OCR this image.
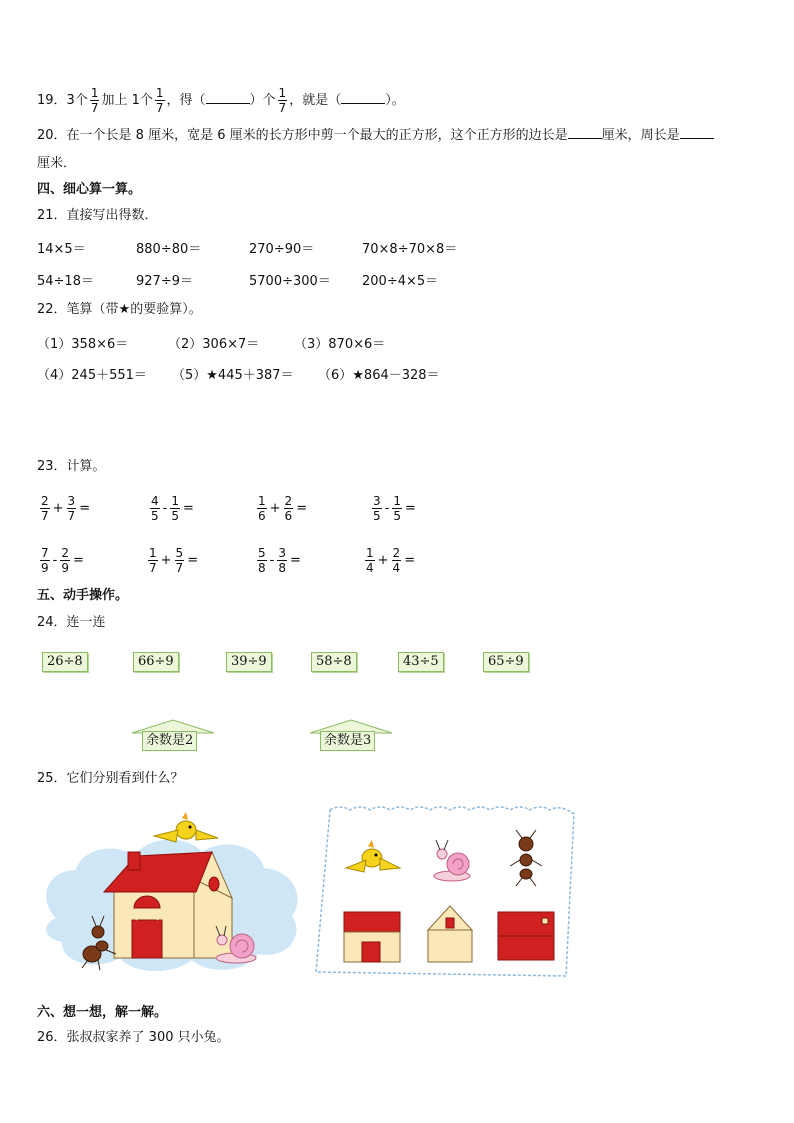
19．3个 $\frac{1}{7}$ 加上 1个 $\frac{1}{7}$ ，得（	）个 $\frac{1}{7}$ ，就是（	）。
20．在一个长是 8 厘米，宽是 6 厘米的长方形中剪一个最大的正方形，这个正方形的边长是	厘米，周长是
厘米．
四、细心算一算。
21．直接写出得数．
14×5＝	880÷80＝	270÷90＝	70×8÷70×8＝
54÷18＝	927÷9＝	5700÷300＝ 200÷4×5＝
22．笔算（带★的要验算）。
（1）358×6＝	（2）306×7＝	（3）870×6＝
（4）245＋551＝ （5）★445＋387＝ （6）★864－328＝
23．计算。
$\frac{2}{7} + \frac{3}{7}$ =	$\frac{4}{5} - \frac{1}{5}$ =	$\frac{1}{6} + \frac{2}{6}$ =	$\frac{3}{5} - \frac{1}{5}$ =
$\frac{7}{9} - \frac{2}{9}$ =	$\frac{1}{7} + \frac{5}{7}$ =	$\frac{5}{8} - \frac{3}{8}$ =	$\frac{1}{4} + \frac{2}{4}$ =
五、动手操作。
24．连一连
26÷8	66÷9	39÷9	58÷8	43÷5	65÷9
余数是2	余数是3
25．它们分别看到什么？
六、想一想，解一解。
26．张叔叔家养了 300 只小兔。
